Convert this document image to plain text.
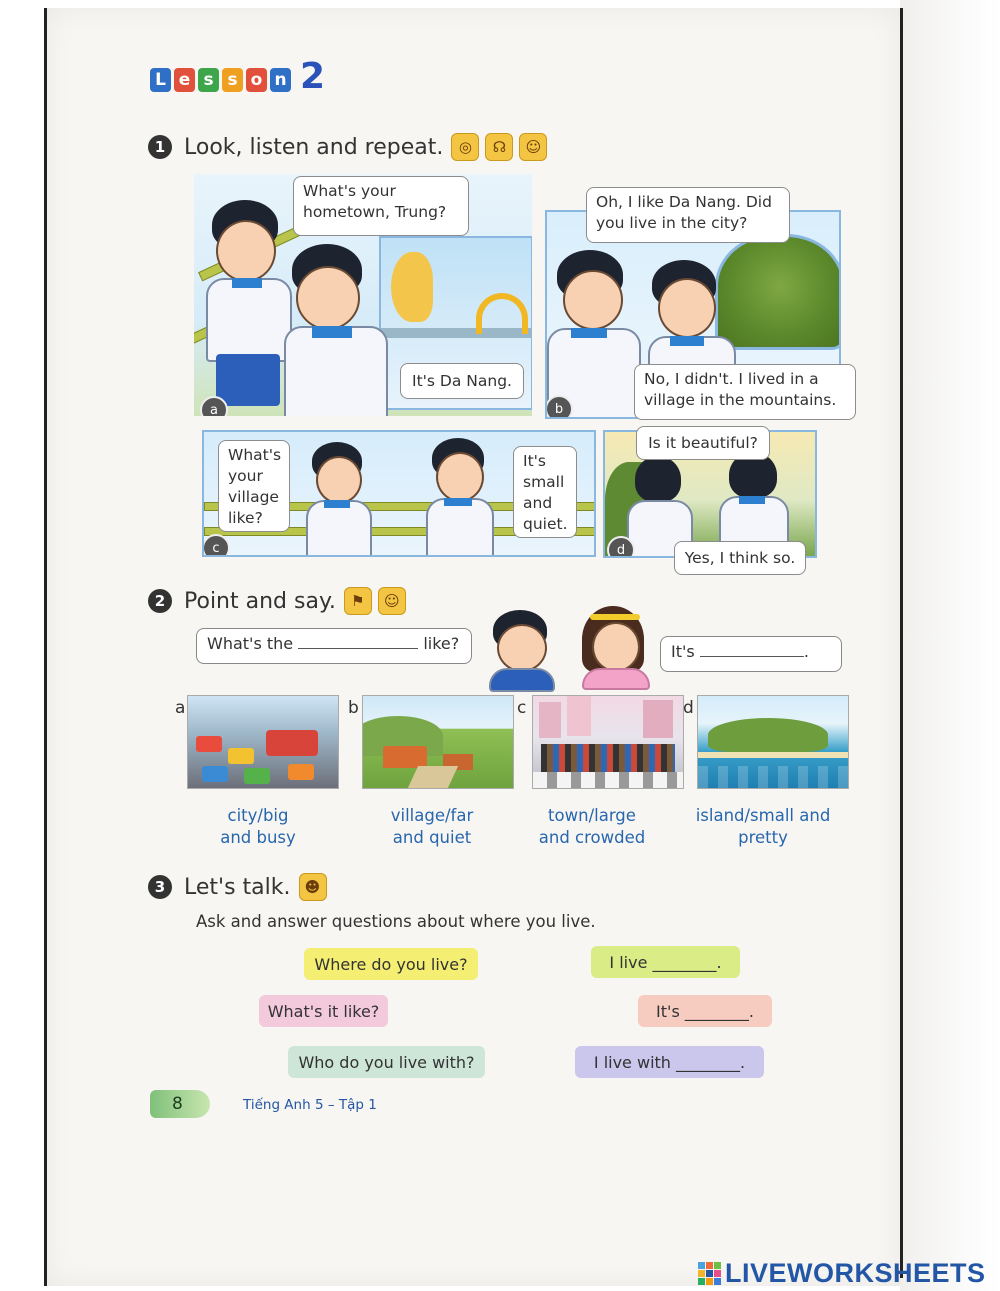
L e s s o n 2
1 Look, listen and repeat.	◎	☊	☺
a
What's your hometown, Trung?
It's Da Nang.
b
Oh, I like Da Nang. Did you live in the city?
No, I didn't. I lived in a village in the mountains.
c
What's your village like?
It's small and quiet.
d
Is it beautiful?
Yes, I think so.
2 Point and say.	⚑	☺
What's the	like?	It's	.
a
city/big
and busy
b
village/far
and quiet
c
town/large
and crowded
d
island/small and
pretty
3 Let's talk. ☻
Ask and answer questions about where you live.
Where do you live?
What's it like?
Who do you live with?
I live ________.
It's ________.
I live with ________.
8	Tiếng Anh 5 – Tập 1
LIVEWORKSHEETS
